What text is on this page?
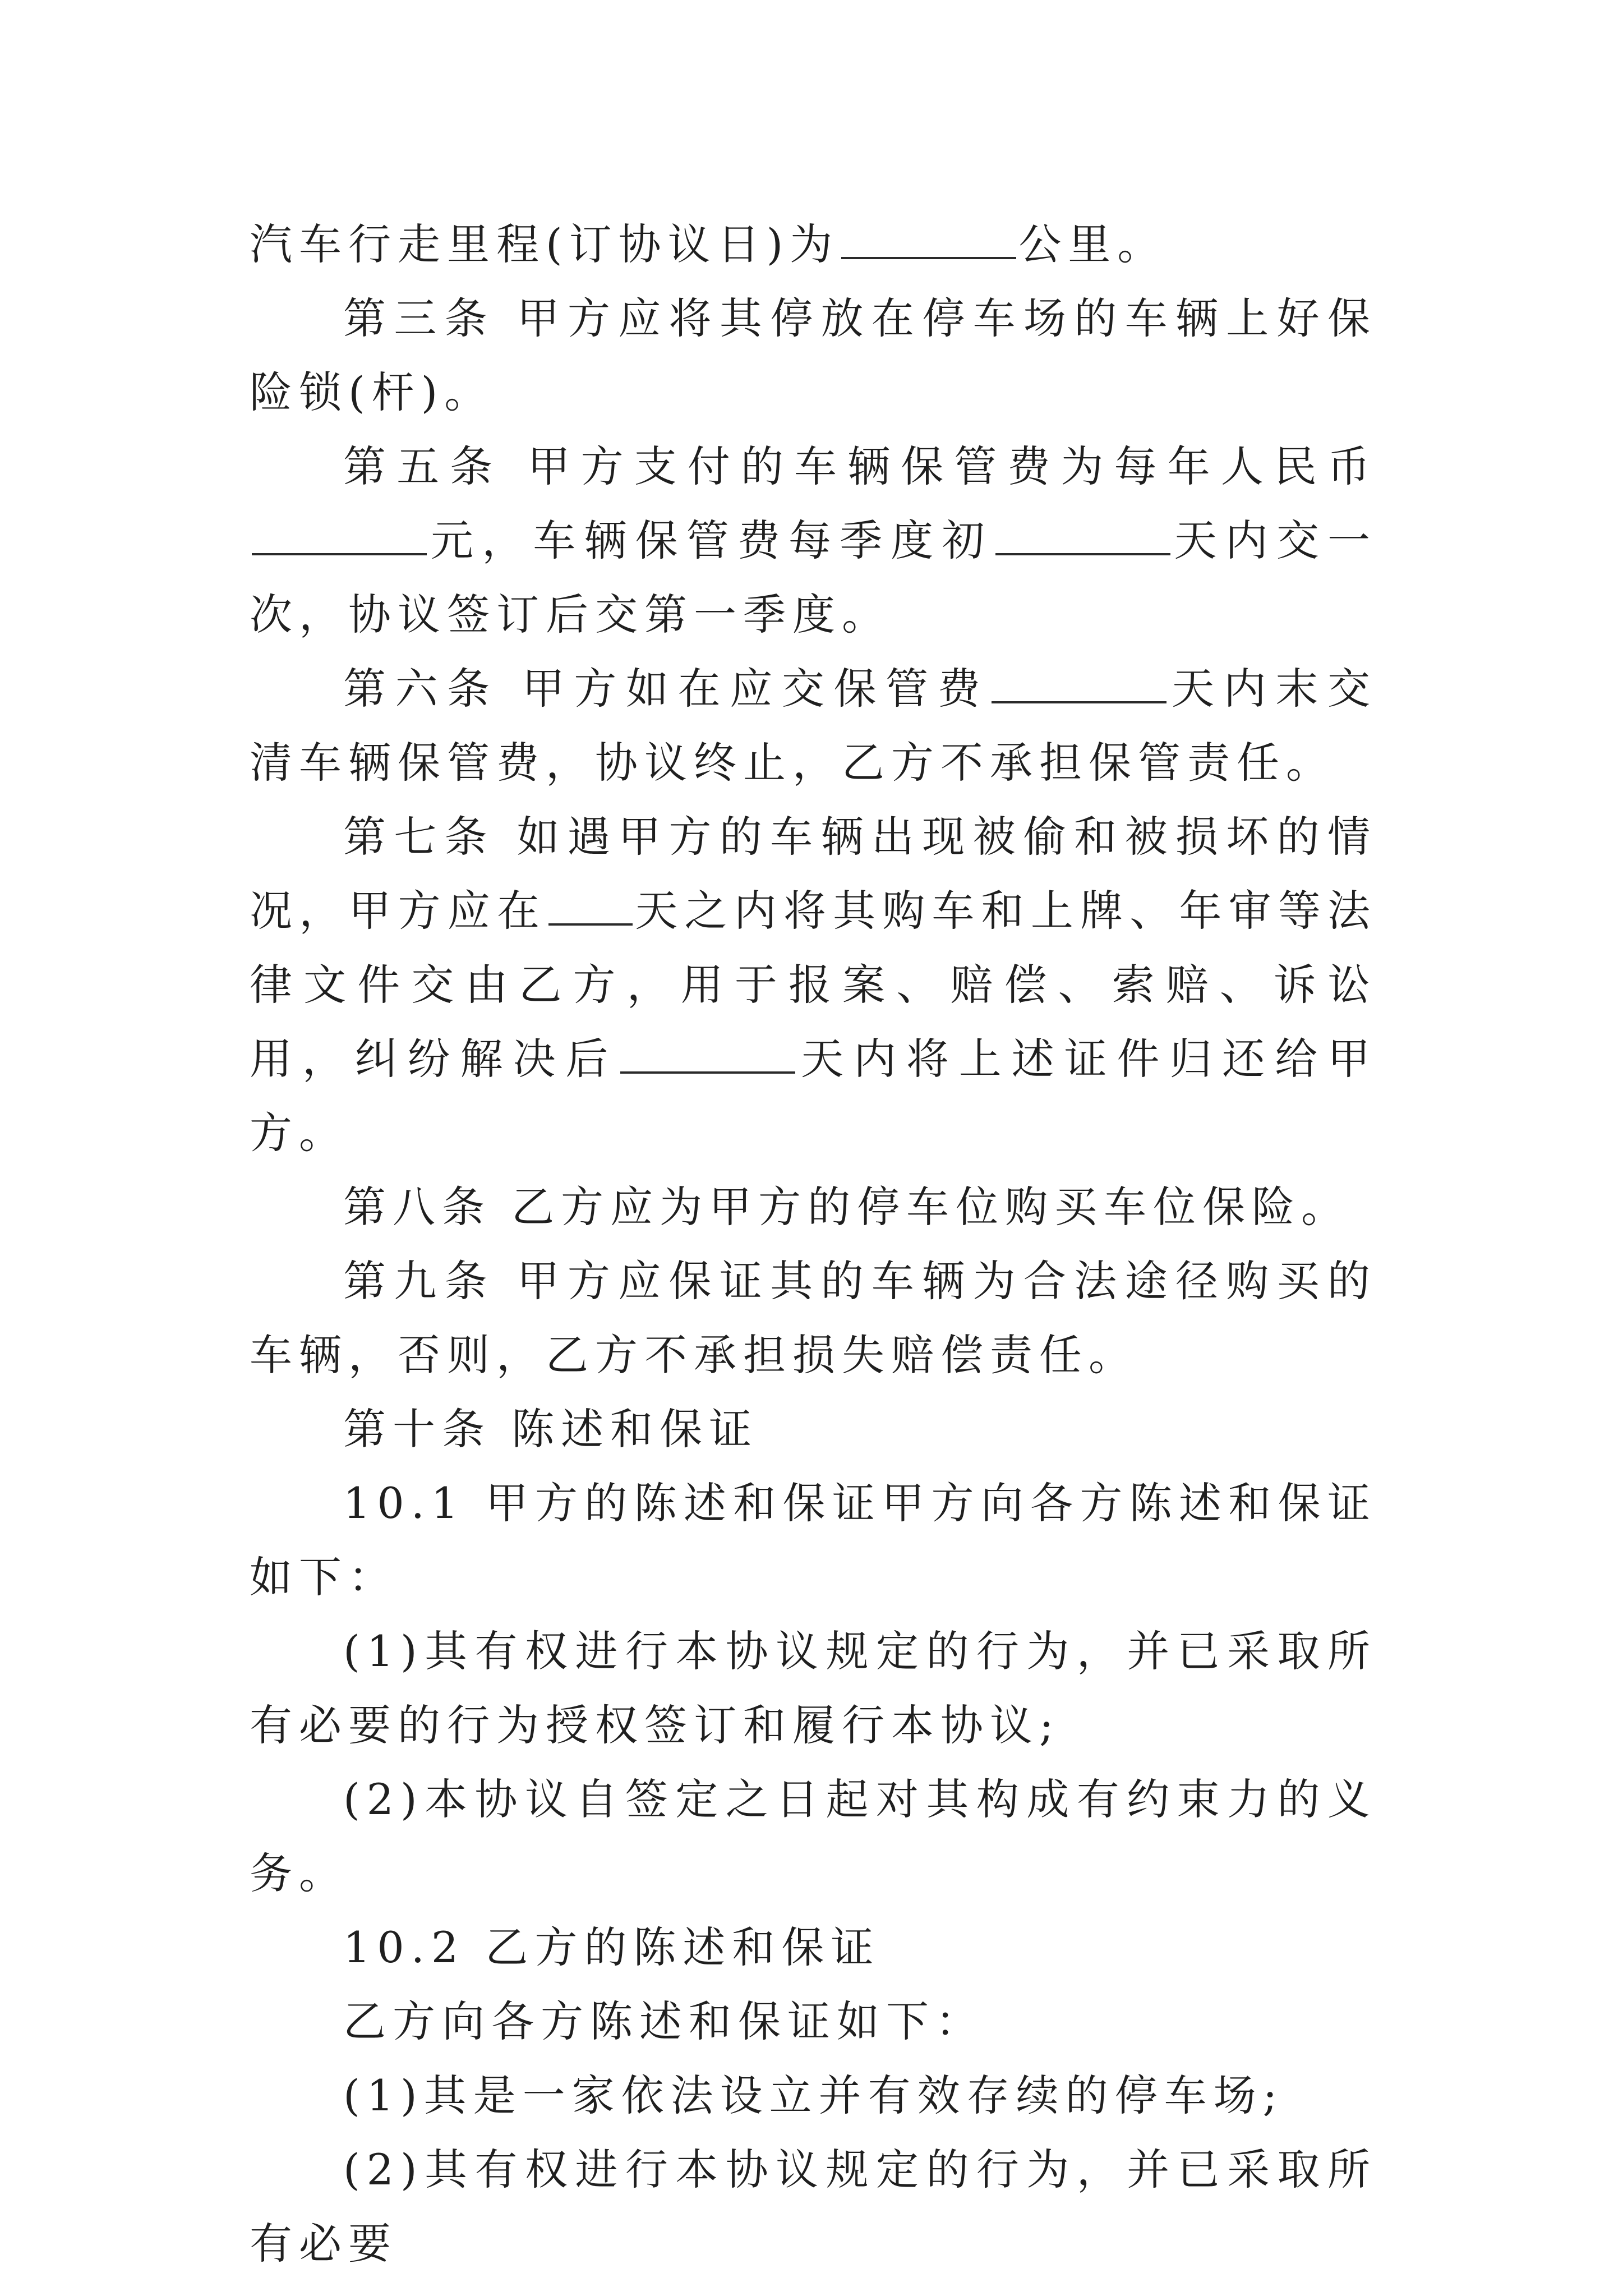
汽车行走里程(订协议日)为	公里。

第三条 甲方应将其停放在停车场的车辆上好保险锁(杆)。

第五条 甲方支付的车辆保管费为每年人民币元，车辆保管费每季度初	天内交一次，协议签订后交第一季度。

第六条 甲方如在应交保管费	天内末交清车辆保管费，协议终止，乙方不承担保管责任。

第七条 如遇甲方的车辆出现被偷和被损坏的情况，甲方应在 天之内将其购车和上牌、年审等法律文件交由乙方，用于报案、赔偿、索赔、诉讼用，纠纷解决后	天内将上述证件归还给甲方。

第八条 乙方应为甲方的停车位购买车位保险。

第九条 甲方应保证其的车辆为合法途径购买的车辆，否则，乙方不承担损失赔偿责任。

第十条 陈述和保证

10.1 甲方的陈述和保证甲方向各方陈述和保证如下：

(1)其有权进行本协议规定的行为，并已采取所有必要的行为授权签订和履行本协议;

(2)本协议自签定之日起对其构成有约束力的义务。

10.2 乙方的陈述和保证

乙方向各方陈述和保证如下：

(1)其是一家依法设立并有效存续的停车场;

(2)其有权进行本协议规定的行为，并已采取所有必要
